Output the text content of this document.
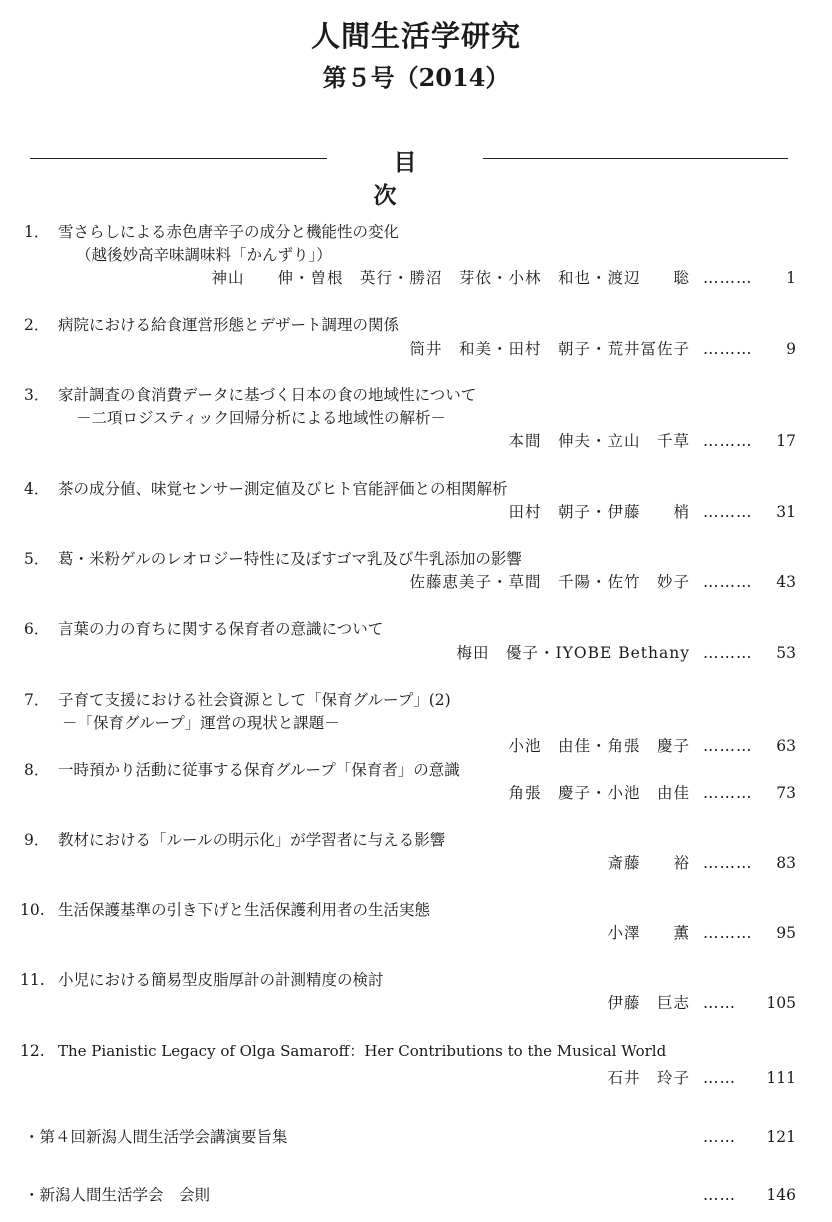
人間生活学研究
第５号（2014）
目次
1． 雪さらしによる赤色唐辛子の成分と機能性の変化
（越後妙高辛味調味料「かんずり」）
神山　　伸・曽根　英行・勝沼　芽依・小林　和也・渡辺　　聡 ………	1
2． 病院における給食運営形態とデザート調理の関係
筒井　和美・田村　朝子・荒井冨佐子 ………	9
3． 家計調査の食消費データに基づく日本の食の地域性について
－二項ロジスティック回帰分析による地域性の解析－
本間　伸夫・立山　千草 ………	17
4． 茶の成分値、味覚センサー測定値及びヒト官能評価との相関解析
田村　朝子・伊藤　　梢 ………	31
5． 葛・米粉ゲルのレオロジー特性に及ぼすゴマ乳及び牛乳添加の影響
佐藤恵美子・草間　千陽・佐竹　妙子 ………	43
6． 言葉の力の育ちに関する保育者の意識について
梅田　優子・IYOBE Bethany ………	53
7． 子育て支援における社会資源として「保育グループ」(2)
－「保育グループ」運営の現状と課題－
小池　由佳・角張　慶子 ………	63
8． 一時預かり活動に従事する保育グループ「保育者」の意識
角張　慶子・小池　由佳 ………	73
9． 教材における「ルールの明示化」が学習者に与える影響
斎藤　　裕 ………	83
10. 生活保護基準の引き下げと生活保護利用者の生活実態
小澤　　薫 ………	95
11. 小児における簡易型皮脂厚計の計測精度の検討
伊藤　巨志 ……	105
12. The Pianistic Legacy of Olga Samaroff：Her Contributions to the Musical World
石井　玲子 ……	111
・第４回新潟人間生活学会講演要旨集	……	121
・新潟人間生活学会　会則	……	146
